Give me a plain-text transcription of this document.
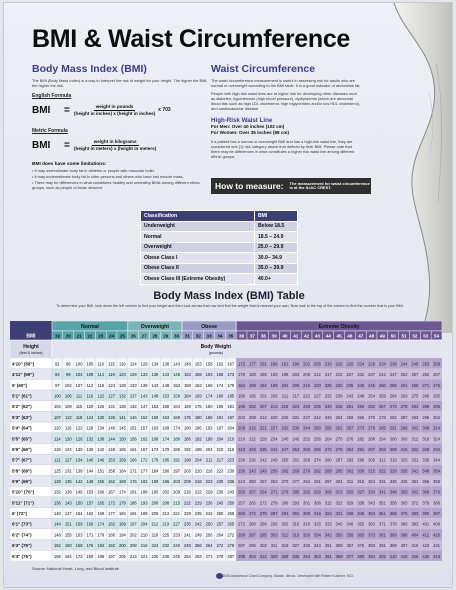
BMI & Waist Circumference
Body Mass Index (BMI)
The BMI (Body Mass Index) is a way to interpret the risk of weight for your height. The higher the BMI, the higher the risk.
English Formula
BMI	= $\frac{\text{weight in pounds}}{\text{(height in inches) x (height in inches)}}$ x 703
Metric Formula
BMI	= $\frac{\text{weight in kilograms}}{\text{(height in meters) x (height in meters)}}$
BMI does have some limitations:
• It may overestimate body fat in athletes or people with muscular build.
• It may underestimate body fat in older persons and others who have lost muscle mass.
• There may be differences in what constitutes healthy and unhealthy BMIs among different ethnic groups, such as people of Asian descent.
Waist Circumference
The waist circumference measurement is useful in assessing risk for adults who are normal or overweight according to the BMI table. It is a good indicator of abdominal fat.
People with high-risk waist lines are at higher risk for developing other diseases such as diabetes, hypertension (high blood pressure), dyslipidemia (which are abnormal blood fats such as high LDL cholesterol, high triglycerides and/or low HDL cholesterol), and cardiovascular disease.
High-Risk Waist Line
For Men: Over 40 inches (102 cm)
For Women: Over 35 inches (88 cm)
If a patient has a normal or overweight BMI and has a high-risk waist line, they are considered one (1) risk category above that defined by their BMI. Please note that there may be differences in what constitutes a higher risk waist line among different ethnic groups.
How to measure: The measurement for waist circumference is at the ILIAC CREST.
Classification	BMI
Underweight	Below 18.5
Normal	18.5 – 24.9
Overweight	25.0 – 29.9
Obese Class I	30.0– 34.9
Obese Class II	35.0 – 39.9
Obese Class III (Extreme Obesity)	40.0+
Body Mass Index (BMI) Table
To determine your BMI, look down the left column to find your height and then look across that row and find the weight that is nearest your own. Now look to the top of the column to find the number that is your BMI.
Normal	Overweight	Obese	Extreme Obesity
BMI	19 20 21 22 23 24 25 26 27 28 29 30 31 32 33 34 35 36 37 38 39 40 41 42 43 44 45 46 47 48 49 50 51 52 53 54
Height
(feet & inches)
Body Weight
(pounds)
4'10" (58")	91 96 100 105 110 115 119 124 129 134 138 143 148 153 158 162 167 172 177 181 186 191 196 201 205 210 215 220 224 229 234 239 244 248 253 258
4'11" (59")	94 99 104 109 114 119 124 128 133 138 143 148 153 158 163 168 173 178 183 188 193 198 203 208 212 217 222 227 232 237 242 247 252 257 262 267
5' (60")	97 102 107 112 118 123 128 133 138 143 148 153 158 163 168 174 179 184 189 194 199 204 209 215 220 225 230 235 240 245 250 255 261 266 271 276
5'1" (61")	100 106 111 116 122 127 132 137 143 148 153 158 164 169 174 180 185 190 195 201 206 211 217 222 227 232 238 243 248 254 259 264 269 275 280 285
5'2" (62")	104 109 115 120 126 131 136 142 147 153 158 164 169 175 180 186 191 196 202 207 213 218 224 229 235 240 246 251 256 262 267 273 278 284 289 295
5'3" (63")	107 113 118 124 130 135 141 146 152 158 163 169 175 180 186 191 197 203 208 214 220 225 231 237 242 248 254 259 265 270 278 282 287 293 299 304
5'4" (64")	110 116 122 128 134 140 145 151 157 163 169 174 180 186 192 197 204 209 215 221 227 232 238 244 250 256 262 267 273 279 285 291 296 302 308 314
5'5" (65")	114 120 126 132 138 144 150 156 162 168 174 180 186 192 198 204 210 216 222 228 234 240 246 252 258 264 270 276 282 288 294 300 306 312 318 324
5'6" (66")	118 124 130 136 142 148 155 161 167 173 179 186 192 198 204 210 216 223 229 235 241 247 253 260 266 272 278 284 291 297 303 309 315 322 328 334
5'7" (67")	121 127 134 140 146 153 159 166 172 178 185 191 198 204 211 217 223 230 236 242 249 255 261 268 274 280 287 293 299 306 312 319 325 331 338 344
5'8" (68")	125 131 138 144 151 158 164 171 177 184 190 197 203 210 216 223 230 236 243 249 256 262 269 276 282 289 295 302 308 315 322 328 335 341 348 354
5'9" (69")	128 135 142 149 155 162 169 176 182 189 196 203 209 216 223 230 236 243 250 257 263 270 277 284 291 297 304 311 318 324 331 338 345 351 358 365
5'10" (70")	132 139 146 153 160 167 174 181 188 195 202 209 216 222 229 236 243 250 257 264 271 278 285 292 299 306 313 320 327 334 341 348 355 362 369 376
5'11" (71")	136 143 150 157 165 172 179 186 193 200 208 215 222 229 236 243 250 257 265 272 279 286 293 301 308 315 322 329 338 343 351 358 365 372 379 386
6' (72")	140 147 154 162 169 177 184 191 199 206 213 221 228 235 242 250 258 265 272 279 287 294 302 309 316 324 331 338 346 353 361 368 375 383 390 397
6'1" (73")	144 151 159 166 174 182 189 197 204 212 219 227 235 242 250 257 265 272 280 288 295 302 310 318 325 333 340 348 355 363 371 378 386 393 401 408
6'2" (74")	148 155 163 171 179 186 194 202 210 218 225 233 241 249 256 264 272 280 287 295 303 311 319 326 334 342 350 358 365 373 381 389 396 404 412 420
6'3" (75")	152 160 168 176 184 192 200 208 216 224 232 240 248 256 264 272 279 287 295 303 311 319 327 335 343 351 359 367 375 383 391 399 407 415 423 431
6'4" (76")	156 164 172 180 189 197 205 213 221 230 238 246 254 263 271 279 287 295 304 312 320 328 336 344 353 361 369 377 385 394 402 410 418 426 435 443
Source: National Heart, Lung, and Blood Institute
© 2006 Anatomical Chart Company, Skokie, Illinois. Developed with Robert Kushner, M.D.
